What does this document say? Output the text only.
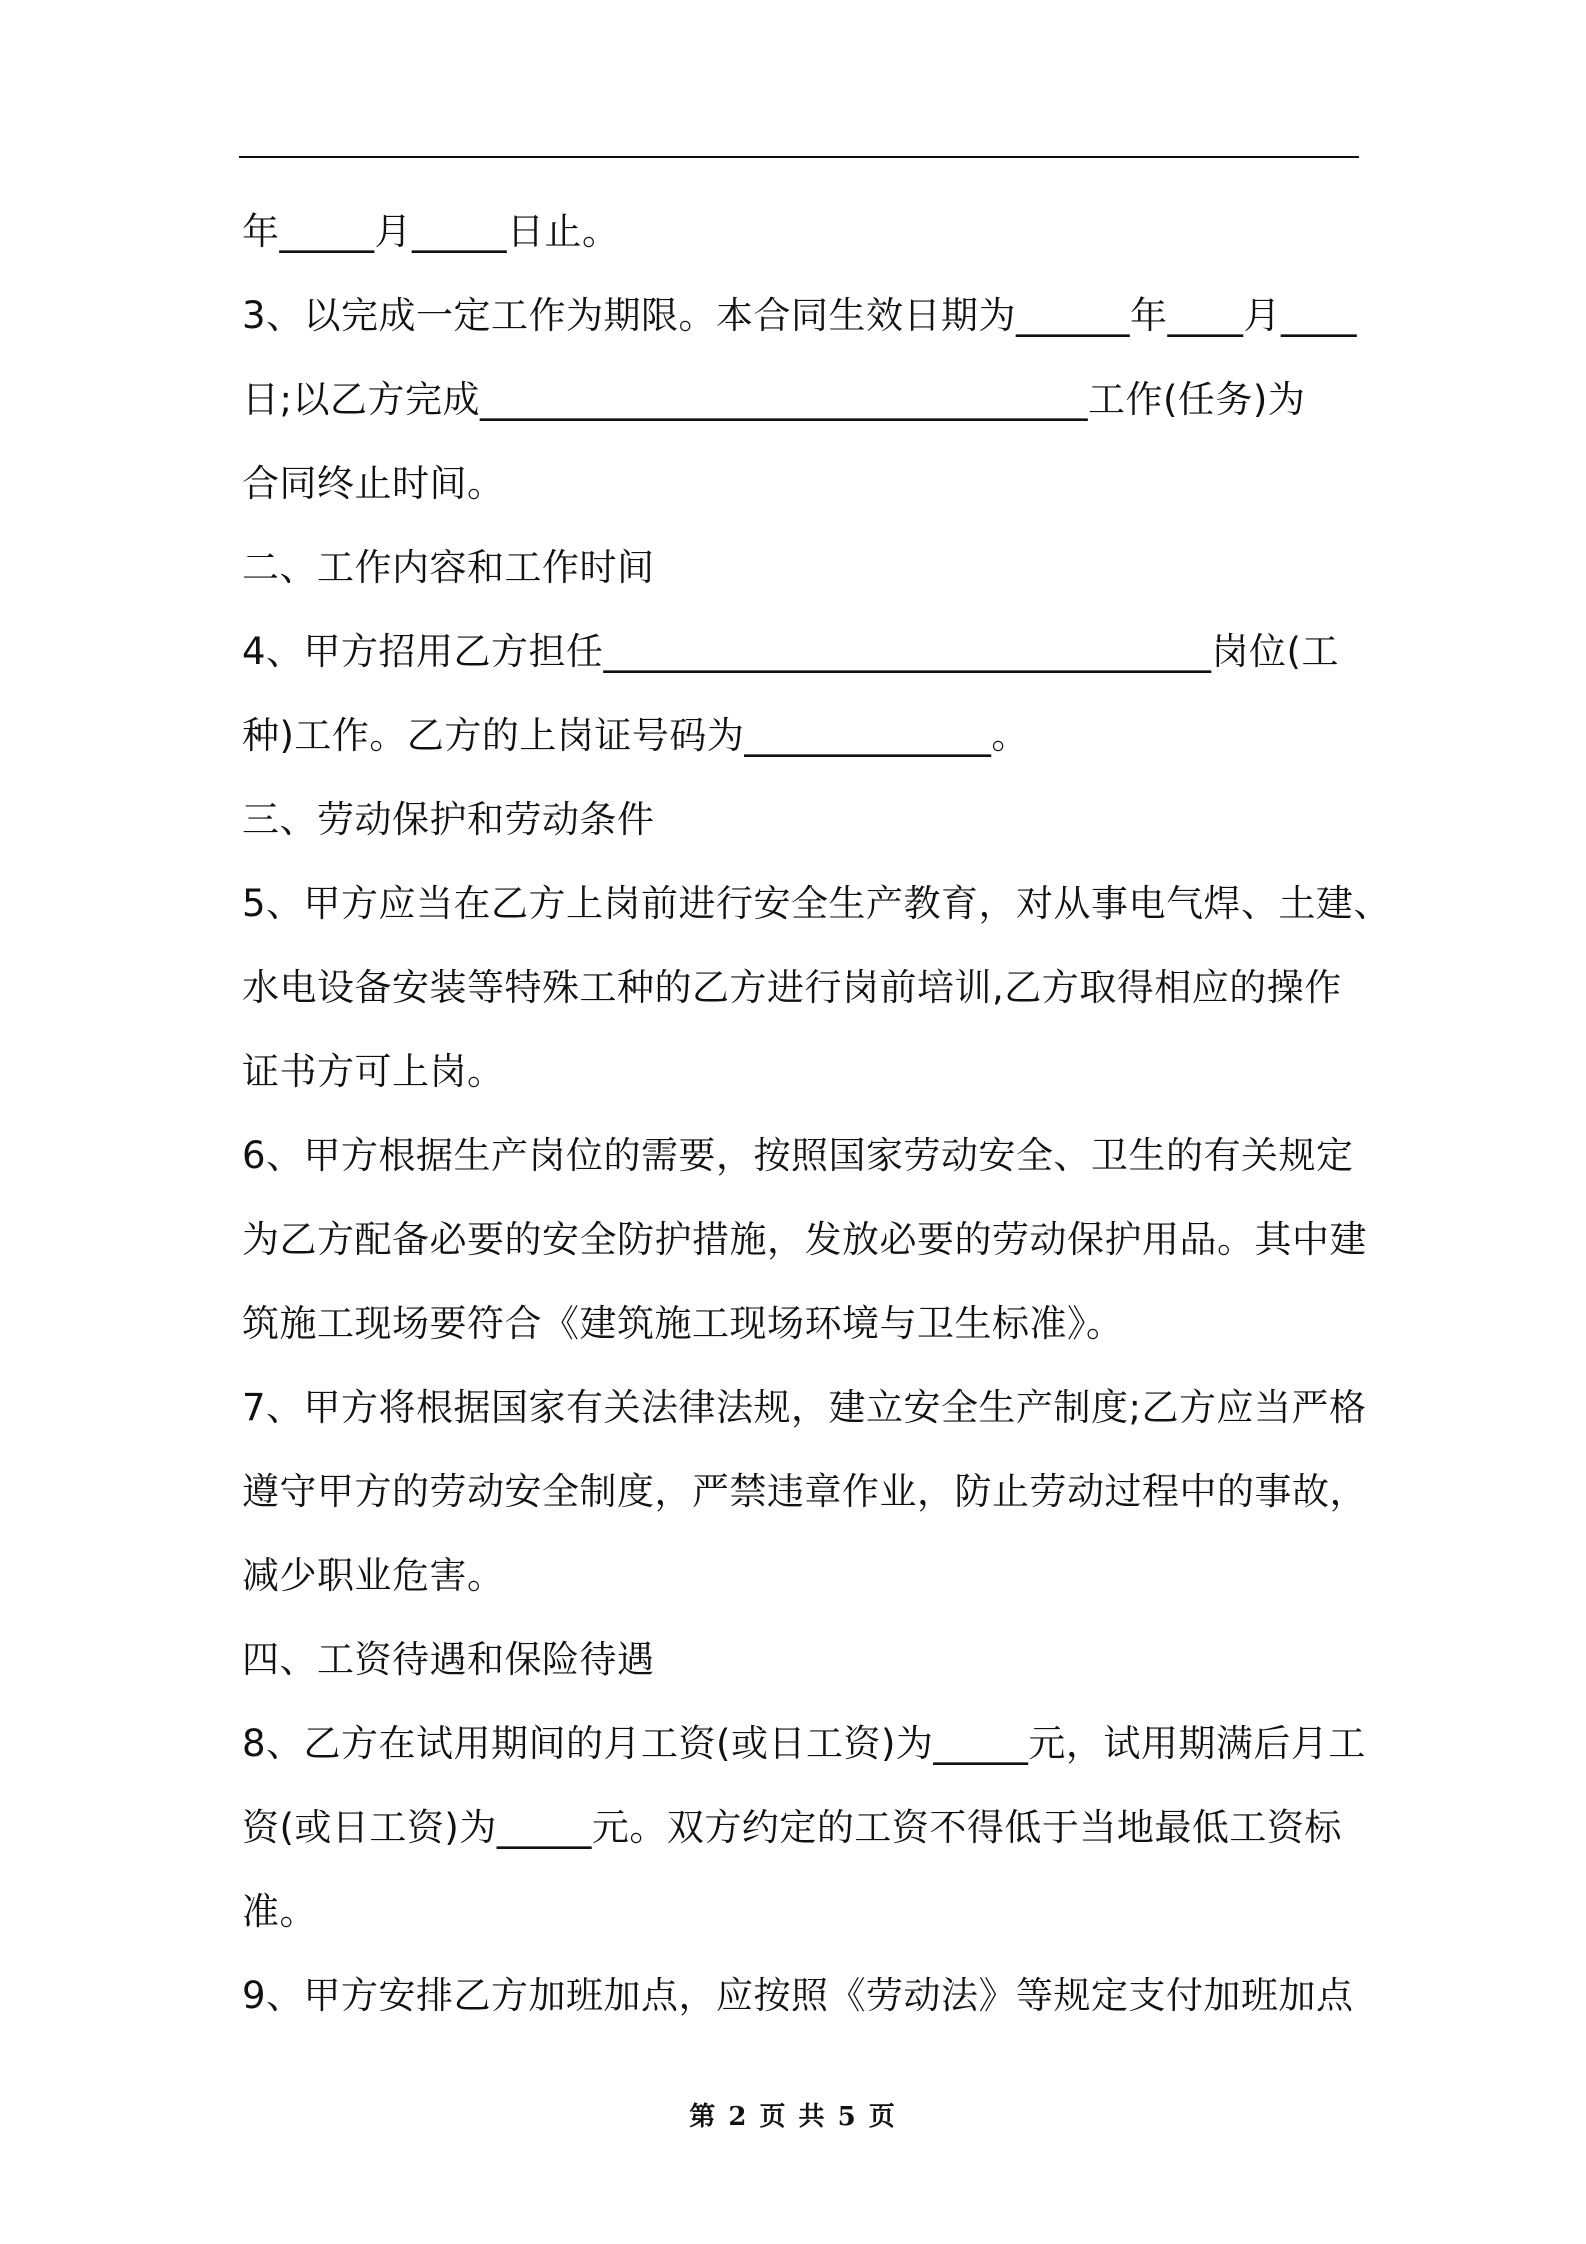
年_____月_____日止。
3、以完成一定工作为期限。本合同生效日期为______年____月____
日;以乙方完成________________________________工作(任务)为
合同终止时间。
二、工作内容和工作时间
4、甲方招用乙方担任________________________________岗位(工
种)工作。乙方的上岗证号码为_____________。
三、劳动保护和劳动条件
5、甲方应当在乙方上岗前进行安全生产教育，对从事电气焊、土建、
水电设备安装等特殊工种的乙方进行岗前培训,乙方取得相应的操作
证书方可上岗。
6、甲方根据生产岗位的需要，按照国家劳动安全、卫生的有关规定
为乙方配备必要的安全防护措施，发放必要的劳动保护用品。其中建
筑施工现场要符合《建筑施工现场环境与卫生标准》。
7、甲方将根据国家有关法律法规，建立安全生产制度;乙方应当严格
遵守甲方的劳动安全制度，严禁违章作业，防止劳动过程中的事故，
减少职业危害。
四、工资待遇和保险待遇
8、乙方在试用期间的月工资(或日工资)为_____元，试用期满后月工
资(或日工资)为_____元。双方约定的工资不得低于当地最低工资标
准。
9、甲方安排乙方加班加点，应按照《劳动法》等规定支付加班加点
第 2 页 共 5 页
